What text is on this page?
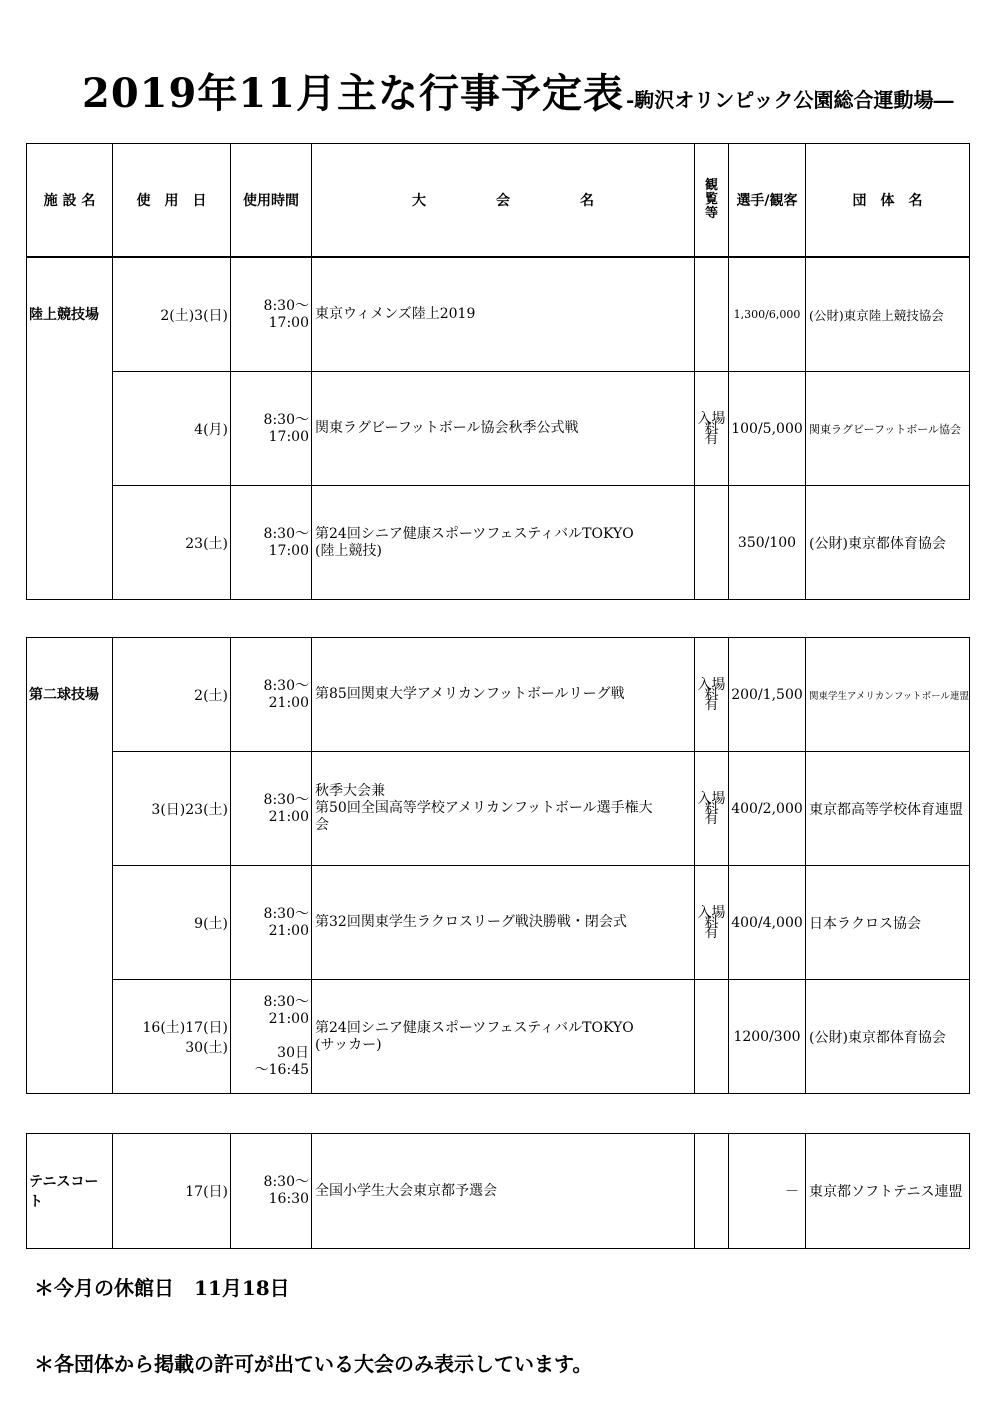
2019年11月主な行事予定表 -駒沢オリンピック公園総合運動場―
施 設 名	使　用　日	使用時間	大　　　　　会　　　　　名	観覧等	選手/観客	団　体　名
陸上競技場	2(土)3(日)	8:30～
17:00	東京ウィメンズ陸上2019		1,300/6,000	(公財)東京陸上競技協会
	4(月)	8:30～
17:00	関東ラグビーフットボール協会秋季公式戦	入場料
有	100/5,000	関東ラグビーフットボール協会
	23(土)	8:30～
17:00	第24回シニア健康スポーツフェスティバルTOKYO
(陸上競技)		350/100	(公財)東京都体育協会
第二球技場	2(土)	8:30～
21:00	第85回関東大学アメリカンフットボールリーグ戦	入場料
有	200/1,500	関東学生アメリカンフットボール連盟
	3(日)23(土)	8:30～
21:00	秋季大会兼
第50回全国高等学校アメリカンフットボール選手権大
会	入場料
有	400/2,000	東京都高等学校体育連盟
	9(土)	8:30～
21:00	第32回関東学生ラクロスリーグ戦決勝戦・閉会式	入場料
有	400/4,000	日本ラクロス協会
	16(土)17(日)
30(土)	8:30～
21:00

30日
～16:45	第24回シニア健康スポーツフェスティバルTOKYO
(サッカー)		1200/300	(公財)東京都体育協会
テニスコート	17(日)	8:30～
16:30	全国小学生大会東京都予選会		－	東京都ソフトテニス連盟
＊今月の休館日　11月18日
＊各団体から掲載の許可が出ている大会のみ表示しています。
